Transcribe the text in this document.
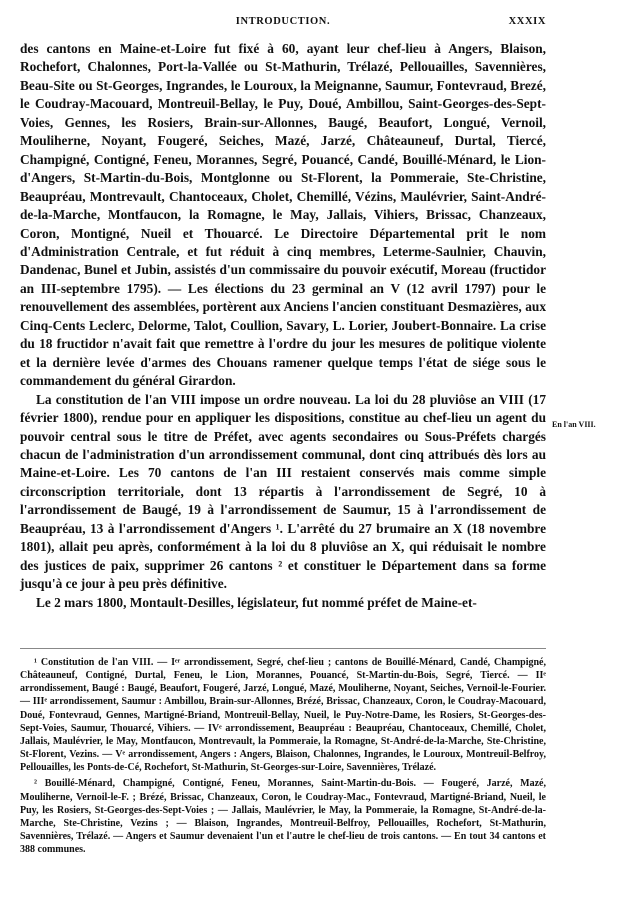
INTRODUCTION.	XXXIX

des cantons en Maine-et-Loire fut fixé à 60, ayant leur chef-lieu à Angers, Blaison, Rochefort, Chalonnes, Port-la-Vallée ou St-Mathurin, Trélazé, Pellouailles, Savennières, Beau-Site ou St-Georges, Ingrandes, le Louroux, la Meignanne, Saumur, Fontevraud, Brezé, le Coudray-Macouard, Montreuil-Bellay, le Puy, Doué, Ambillou, Saint-Georges-des-Sept-Voies, Gennes, les Rosiers, Brain-sur-Allonnes, Baugé, Beaufort, Longué, Vernoil, Mouliherne, Noyant, Fougeré, Seiches, Mazé, Jarzé, Châteauneuf, Durtal, Tiercé, Champigné, Contigné, Feneu, Morannes, Segré, Pouancé, Candé, Bouillé-Ménard, le Lion-d'Angers, St-Martin-du-Bois, Montglonne ou St-Florent, la Pommeraie, Ste-Christine, Beaupréau, Montrevault, Chantoceaux, Cholet, Chemillé, Vézins, Maulévrier, Saint-André-de-la-Marche, Montfaucon, la Romagne, le May, Jallais, Vihiers, Brissac, Chanzeaux, Coron, Montigné, Nueil et Thouarcé. Le Directoire Départemental prit le nom d'Administration Centrale, et fut réduit à cinq membres, Leterme-Saulnier, Chauvin, Dandenac, Bunel et Jubin, assistés d'un commissaire du pouvoir exécutif, Moreau (fructidor an III-septembre 1795). — Les élections du 23 germinal an V (12 avril 1797) pour le renouvellement des assemblées, portèrent aux Anciens l'ancien constituant Desmazières, aux Cinq-Cents Leclerc, Delorme, Talot, Coullion, Savary, L. Lorier, Joubert-Bonnaire. La crise du 18 fructidor n'avait fait que remettre à l'ordre du jour les mesures de politique violente et la dernière levée d'armes des Chouans ramener quelque temps l'état de siége sous le commandement du général Girardon.

La constitution de l'an VIII impose un ordre nouveau. La loi du 28 pluviôse an VIII (17 février 1800), rendue pour en appliquer les dispositions, constitue au chef-lieu un agent du pouvoir central sous le titre de Préfet, avec agents secondaires ou Sous-Préfets chargés chacun de l'administration d'un arrondissement communal, dont cinq attribués dès lors au Maine-et-Loire. Les 70 cantons de l'an III restaient conservés mais comme simple circonscription territoriale, dont 13 répartis à l'arrondissement de Segré, 10 à l'arrondissement de Baugé, 19 à l'arrondissement de Saumur, 15 à l'arrondissement de Beaupréau, 13 à l'arrondissement d'Angers ¹. L'arrêté du 27 brumaire an X (18 novembre 1801), allait peu après, conformément à la loi du 8 pluviôse an X, qui réduisait le nombre des justices de paix, supprimer 26 cantons ² et constituer le Département dans sa forme jusqu'à ce jour à peu près définitive.

Le 2 mars 1800, Montault-Desilles, législateur, fut nommé préfet de Maine-et-

En l'an VIII.

¹ Constitution de l'an VIII. — Iᵉʳ arrondissement, Segré, chef-lieu ; cantons de Bouillé-Ménard, Candé, Champigné, Châteauneuf, Contigné, Durtal, Feneu, le Lion, Morannes, Pouancé, St-Martin-du-Bois, Segré, Tiercé. — IIᵉ arrondissement, Baugé : Baugé, Beaufort, Fougeré, Jarzé, Longué, Mazé, Mouliherne, Noyant, Seiches, Vernoil-le-Fourier. — IIIᵉ arrondissement, Saumur : Ambillou, Brain-sur-Allonnes, Brézé, Brissac, Chanzeaux, Coron, le Coudray-Macouard, Doué, Fontevraud, Gennes, Martigné-Briand, Montreuil-Bellay, Nueil, le Puy-Notre-Dame, les Rosiers, St-Georges-des-Sept-Voies, Saumur, Thouarcé, Vihiers. — IVᵉ arrondissement, Beaupréau : Beaupréau, Chantoceaux, Chemillé, Cholet, Jallais, Maulévrier, le May, Montfaucon, Montrevault, la Pommeraie, la Romagne, St-André-de-la-Marche, Ste-Christine, St-Florent, Vezins. — Vᵉ arrondissement, Angers : Angers, Blaison, Chalonnes, Ingrandes, le Louroux, Montreuil-Belfroy, Pellouailles, les Ponts-de-Cé, Rochefort, St-Mathurin, St-Georges-sur-Loire, Savennières, Trélazé.

² Bouillé-Ménard, Champigné, Contigné, Feneu, Morannes, Saint-Martin-du-Bois. — Fougeré, Jarzé, Mazé, Mouliherne, Vernoil-le-F. ; Brézé, Brissac, Chanzeaux, Coron, le Coudray-Mac., Fontevraud, Martigné-Briand, Nueil, le Puy, les Rosiers, St-Georges-des-Sept-Voies ; — Jallais, Maulévrier, le May, la Pommeraie, la Romagne, St-André-de-la-Marche, Ste-Christine, Vezins ; — Blaison, Ingrandes, Montreuil-Belfroy, Pellouailles, Rochefort, St-Mathurin, Savennières, Trélazé. — Angers et Saumur devenaient l'un et l'autre le chef-lieu de trois cantons. — En tout 34 cantons et 388 communes.
